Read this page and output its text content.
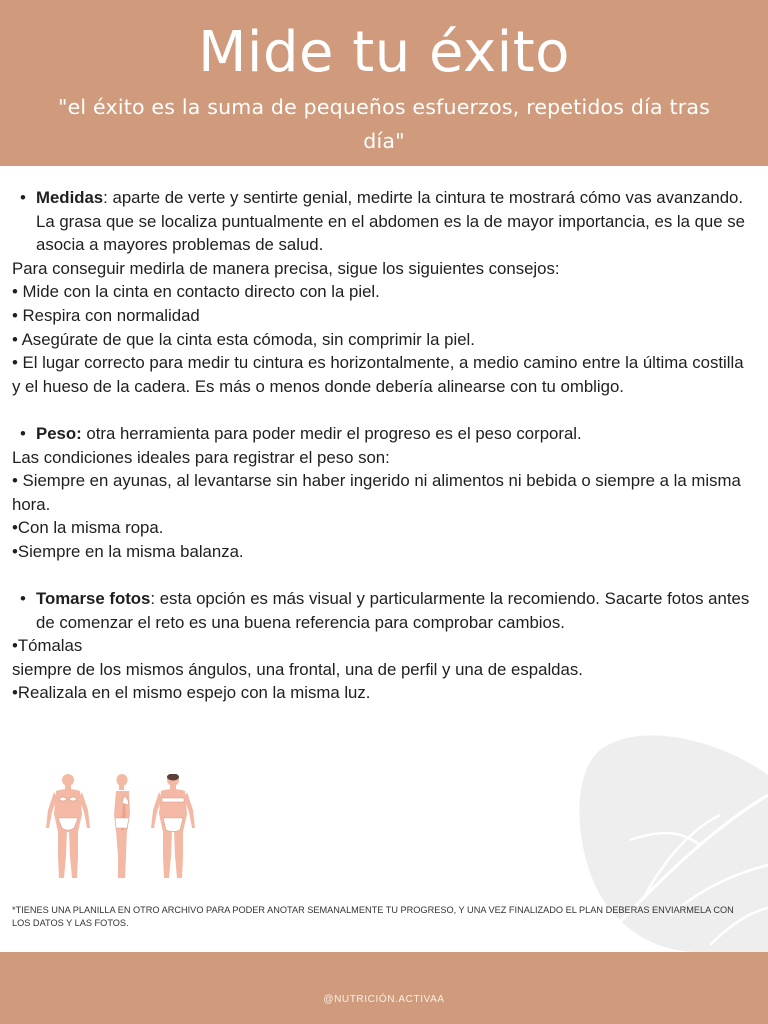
Mide tu éxito

"el éxito es la suma de pequeños esfuerzos, repetidos día tras día"

• Medidas: aparte de verte y sentirte genial, medirte la cintura te mostrará cómo vas avanzando. La grasa que se localiza puntualmente en el abdomen es la de mayor importancia, es la que se asocia a mayores problemas de salud.

Para conseguir medirla de manera precisa, sigue los siguientes consejos:

• Mide con la cinta en contacto directo con la piel.

• Respira con normalidad

• Asegúrate de que la cinta esta cómoda, sin comprimir la piel.

• El lugar correcto para medir tu cintura es horizontalmente, a medio camino entre la última costilla y el hueso de la cadera. Es más o menos donde debería alinearse con tu ombligo.

• Peso: otra herramienta para poder medir el progreso es el peso corporal.

Las condiciones ideales para registrar el peso son:

• Siempre en ayunas, al levantarse sin haber ingerido ni alimentos ni bebida o siempre a la misma hora.

•Con la misma ropa.

•Siempre en la misma balanza.

• Tomarse fotos: esta opción es más visual y particularmente la recomiendo. Sacarte fotos antes de comenzar el reto es una buena referencia para comprobar cambios.

•Tómalas

siempre de los mismos ángulos, una frontal, una de perfil y una de espaldas.

•Realizala en el mismo espejo con la misma luz.

*TIENES UNA PLANILLA EN OTRO ARCHIVO PARA PODER ANOTAR SEMANALMENTE TU PROGRESO, Y UNA VEZ FINALIZADO EL PLAN DEBERAS ENVIARMELA CON LOS DATOS Y LAS FOTOS.

@NUTRICIÓN.ACTIVAA
